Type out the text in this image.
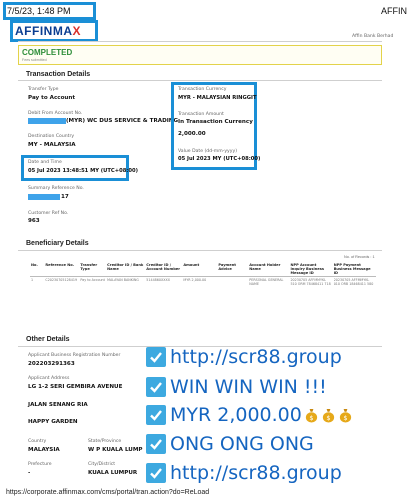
7/5/23, 1:48 PM	AFFIN
AFFINMAX	Affin Bank Berhad
COMPLETED
Fees submitted
Transaction Details
Transfer Type
Pay to Account
Debit From Account No.
(MYR) WC DUS SERVICE & TRADING
Destination Country
MY - MALAYSIA
Date and Time
05 Jul 2023 13:48:51 MY (UTC+08:00)
Summary Reference No.
17
Customer Ref No.
963
Transaction Currency
MYR - MALAYSIAN RINGGIT
Transaction Amount
In Transaction Currency
2,000.00
Value Date (dd-mm-yyyy)
05 Jul 2023 MY (UTC+08:00)
Beneficiary Details
No. of Records : 1
No.	Reference No.	Transfer Type	Creditor ID / Bank Name	Creditor ID / Account Number	Amount	Payment Advice	Account Holder Name	NPP Account Inquiry Business Message ID	NPP Payment Business Message ID
1	C20230705128419	Pay to Account	MALAYAN BANKING	5144860XXXX	MYR 2,000.00		PERSONAL GENERAL NAME	20230705 AFFMMYKL 510 ORM 78468411 718	20230705 AFFMMYKL 010 ORB 18468411 580
Other Details
Applicant Business Registration Number
202203291363
Applicant Address
LG 1-2 SERI GEMBIRA AVENUE
JALAN SENANG RIA
HAPPY GARDEN
Country
MALAYSIA
State/Province
W P KUALA LUMP
Prefecture
-
City/District
KUALA LUMPUR
http://scr88.group
WIN WIN WIN !!!
MYR 2,000.00 $ $ $
ONG ONG ONG
http://scr88.group
https://corporate.affinmax.com/cms/portal/tran.action?do=ReLoad
